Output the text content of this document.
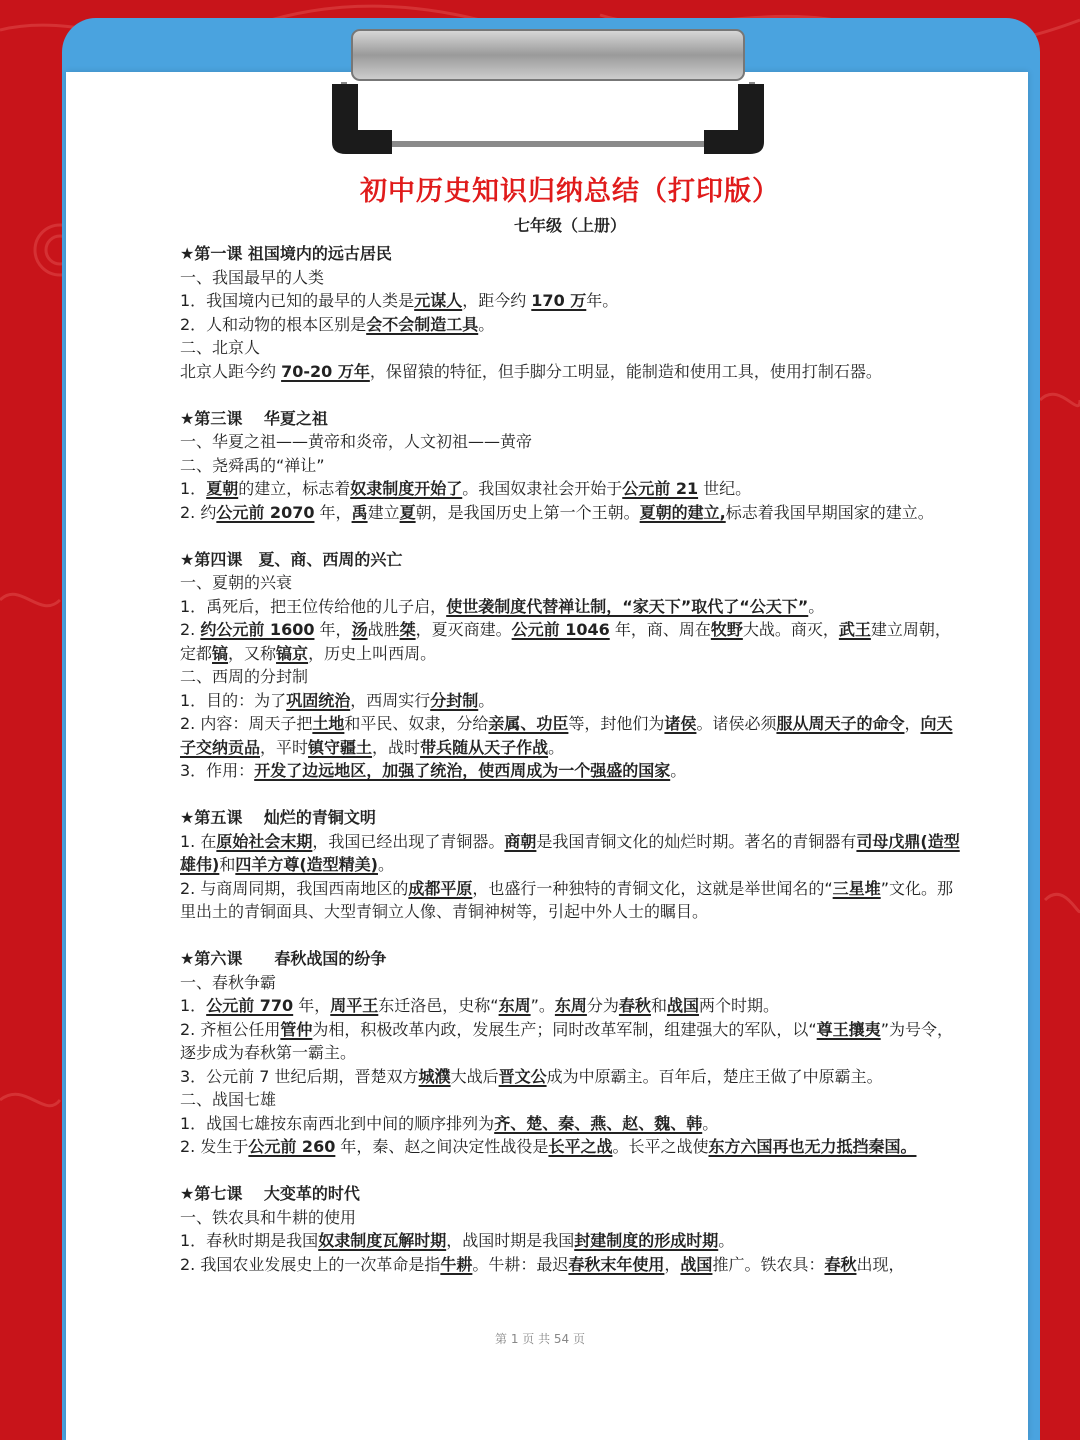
初中历史知识归纳总结（打印版）

七年级（上册）

★第一课 祖国境内的远古居民

一、我国最早的人类

1．我国境内已知的最早的人类是元谋人，距今约 170 万年。

2．人和动物的根本区别是会不会制造工具。

二、北京人

北京人距今约 70-20 万年，保留猿的特征，但手脚分工明显，能制造和使用工具，使用打制石器。

★第三课　 华夏之祖

一、华夏之祖——黄帝和炎帝，人文初祖——黄帝

二、尧舜禹的“禅让”

1．夏朝的建立，标志着奴隶制度开始了。我国奴隶社会开始于公元前 21 世纪。

2. 约公元前 2070 年，禹建立夏朝，是我国历史上第一个王朝。夏朝的建立,标志着我国早期国家的建立。

★第四课　夏、商、西周的兴亡

一、夏朝的兴衰

1．禹死后，把王位传给他的儿子启，使世袭制度代替禅让制，“家天下”取代了“公天下”。

2. 约公元前 1600 年，汤战胜桀，夏灭商建。公元前 1046 年，商、周在牧野大战。商灭，武王建立周朝，定都镐，又称镐京，历史上叫西周。

二、西周的分封制

1．目的：为了巩固统治，西周实行分封制。

2. 内容：周天子把土地和平民、奴隶，分给亲属、功臣等，封他们为诸侯。诸侯必须服从周天子的命令，向天子交纳贡品，平时镇守疆土，战时带兵随从天子作战。

3．作用：开发了边远地区，加强了统治，使西周成为一个强盛的国家。

★第五课　 灿烂的青铜文明

1. 在原始社会末期，我国已经出现了青铜器。商朝是我国青铜文化的灿烂时期。著名的青铜器有司母戊鼎(造型雄伟)和四羊方尊(造型精美)。

2. 与商周同期，我国西南地区的成都平原，也盛行一种独特的青铜文化，这就是举世闻名的“三星堆”文化。那里出土的青铜面具、大型青铜立人像、青铜神树等，引起中外人士的瞩目。

★第六课　　春秋战国的纷争

一、春秋争霸

1．公元前 770 年，周平王东迁洛邑，史称“东周”。东周分为春秋和战国两个时期。

2. 齐桓公任用管仲为相，积极改革内政，发展生产；同时改革军制，组建强大的军队，以“尊王攘夷”为号令，逐步成为春秋第一霸主。

3．公元前 7 世纪后期，晋楚双方城濮大战后晋文公成为中原霸主。百年后，楚庄王做了中原霸主。

二、战国七雄

1．战国七雄按东南西北到中间的顺序排列为齐、楚、秦、燕、赵、魏、韩。

2. 发生于公元前 260 年，秦、赵之间决定性战役是长平之战。长平之战使东方六国再也无力抵挡秦国。

★第七课　 大变革的时代

一、铁农具和牛耕的使用

1．春秋时期是我国奴隶制度瓦解时期，战国时期是我国封建制度的形成时期。

2. 我国农业发展史上的一次革命是指牛耕。牛耕：最迟春秋末年使用，战国推广。铁农具：春秋出现，

第 1 页 共 54 页
